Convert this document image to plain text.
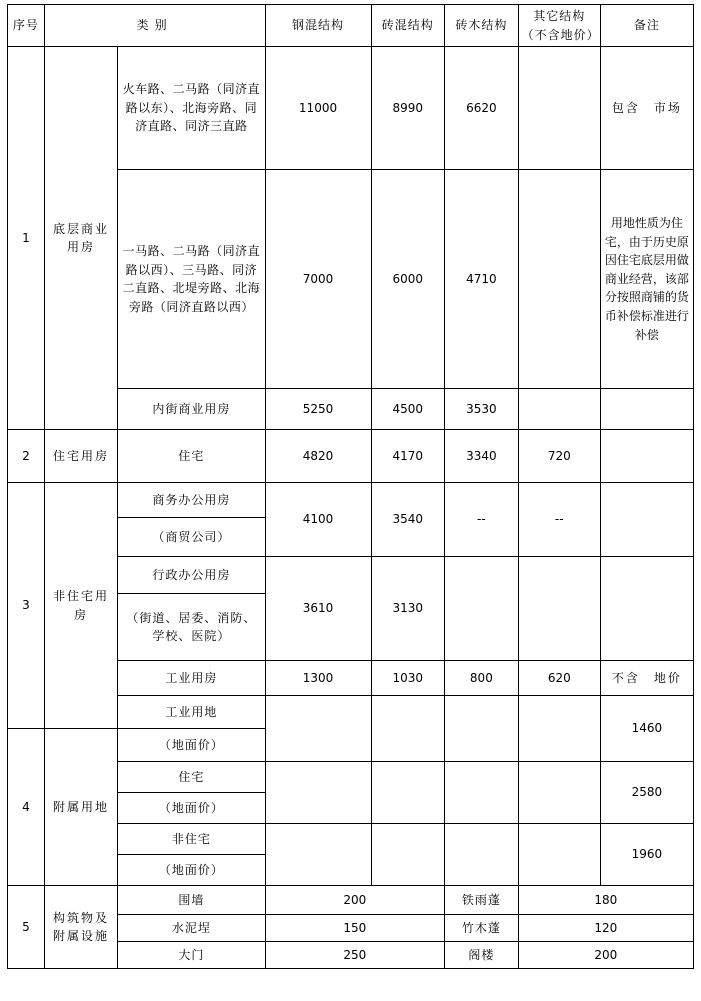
序号	类别		钢混结构	砖混结构	砖木结构	其它结构（不含地价）	备注
1	底层商业用房	火车路、二马路（同济直路以东）、北海旁路、同济直路、同济三直路	11000	8990	6620		包含　市场
		一马路、二马路（同济直路以西）、三马路、同济二直路、北堤旁路、北海旁路（同济直路以西）	7000	6000	4710		用地性质为住宅，由于历史原因住宅底层用做商业经营，该部分按照商铺的货币补偿标准进行补偿
		内街商业用房	5250	4500	3530		
2	住宅用房	住宅	4820	4170	3340	720	
3	非住宅用房	商务办公用房	4100	3540	--	--	
		（商贸公司）					
		行政办公用房	3610	3130			
		（街道、居委、消防、学校、医院）					
		工业用房	1300	1030	800	620	不含　地价
		工业用地					1460
4	附属用地	（地面价）					
		住宅					2580
		（地面价）					
		非住宅					1960
		（地面价）					
5	构筑物及附属设施	围墙	200		铁雨蓬	180	
		水泥埕	150		竹木蓬	120	
		大门	250		阁楼	200	
